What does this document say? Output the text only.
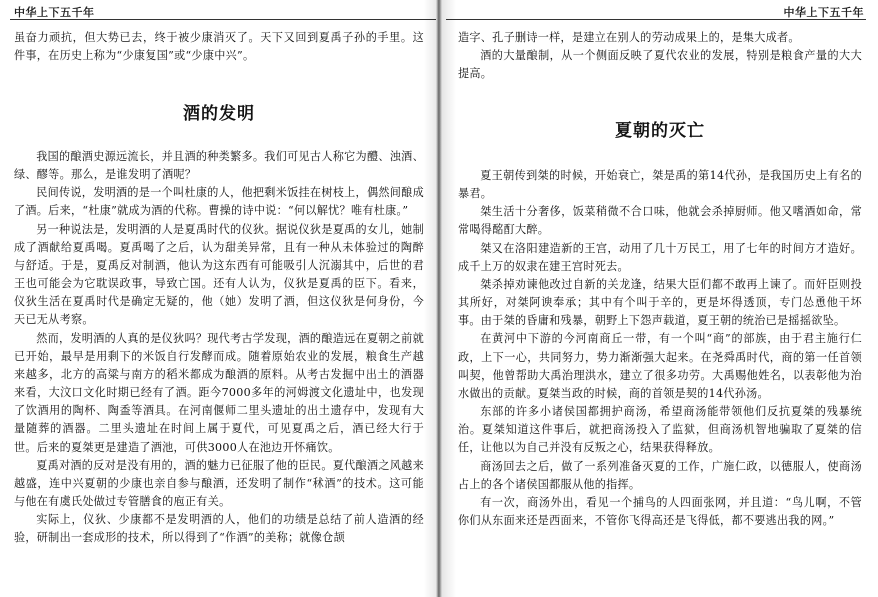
中华上下五千年

虽奋力顽抗，但大势已去，终于被少康消灭了。天下又回到夏禹子孙的手里。这件事，在历史上称为“少康复国”或“少康中兴”。

酒的发明

我国的酿酒史源远流长，并且酒的种类繁多。我们可见古人称它为醴、浊酒、绿、醪等。那么，是谁发明了酒呢？

民间传说，发明酒的是一个叫杜康的人，他把剩米饭挂在树枝上，偶然间酿成了酒。后来，“杜康”就成为酒的代称。曹操的诗中说：“何以解忧？唯有杜康。”

另一种说法是，发明酒的人是夏禹时代的仪狄。据说仪狄是夏禹的女儿，她制成了酒献给夏禹喝。夏禹喝了之后，认为甜美异常，且有一种从未体验过的陶醉与舒适。于是，夏禹反对制酒，他认为这东西有可能吸引人沉溺其中，后世的君王也可能会为它耽误政事，导致亡国。还有人认为，仪狄是夏禹的臣下。看来，仪狄生活在夏禹时代是确定无疑的，他（她）发明了酒，但这仪狄是何身份，今天已无从考察。

然而，发明酒的人真的是仪狄吗？现代考古学发现，酒的酿造远在夏朝之前就已开始，最早是用剩下的米饭自行发酵而成。随着原始农业的发展，粮食生产越来越多，北方的高粱与南方的稻米都成为酿酒的原料。从考古发掘中出土的酒器来看，大汶口文化时期已经有了酒。距今7000多年的河姆渡文化遗址中，也发现了饮酒用的陶杯、陶盉等酒具。在河南偃师二里头遗址的出土遗存中，发现有大量随葬的酒器。二里头遗址在时间上属于夏代，可见夏禹之后，酒已经大行于世。后来的夏桀更是建造了酒池，可供3000人在池边开怀痛饮。

夏禹对酒的反对是没有用的，酒的魅力已征服了他的臣民。夏代酿酒之风越来越盛，连中兴夏朝的少康也亲自参与酿酒，还发明了制作“秫酒”的技术。这可能与他在有虞氏处做过专管膳食的庖正有关。

实际上，仪狄、少康都不是发明酒的人，他们的功绩是总结了前人造酒的经验，研制出一套成形的技术，所以得到了“作酒”的美称；就像仓颉

中华上下五千年

造字、孔子删诗一样，是建立在别人的劳动成果上的，是集大成者。

酒的大量酿制，从一个侧面反映了夏代农业的发展，特别是粮食产量的大大提高。

夏朝的灭亡

夏王朝传到桀的时候，开始衰亡，桀是禹的第14代孙，是我国历史上有名的暴君。

桀生活十分奢侈，饭菜稍微不合口味，他就会杀掉厨师。他又嗜酒如命，常常喝得酩酊大醉。

桀又在洛阳建造新的王宫，动用了几十万民工，用了七年的时间方才造好。成千上万的奴隶在建王宫时死去。

桀杀掉劝谏他改过自新的关龙逢，结果大臣们都不敢再上谏了。而奸臣则投其所好，对桀阿谀奉承；其中有个叫于辛的，更是坏得透顶，专门怂恿他干坏事。由于桀的昏庸和残暴，朝野上下怨声载道，夏王朝的统治已是摇摇欲坠。

在黄河中下游的今河南商丘一带，有一个叫“商”的部族，由于君主施行仁政，上下一心，共同努力，势力渐渐强大起来。在尧舜禹时代，商的第一任首领叫契，他曾帮助大禹治理洪水，建立了很多功劳。大禹赐他姓名，以表彰他为治水做出的贡献。夏桀当政的时候，商的首领是契的14代孙汤。

东部的许多小诸侯国都拥护商汤，希望商汤能带领他们反抗夏桀的残暴统治。夏桀知道这件事后，就把商汤投入了监狱，但商汤机智地骗取了夏桀的信任，让他以为自己并没有反叛之心，结果获得释放。

商汤回去之后，做了一系列准备灭夏的工作，广施仁政，以德服人，使商汤占上的各个诸侯国都服从他的指挥。

有一次，商汤外出，看见一个捕鸟的人四面张网，并且道：“鸟儿啊，不管你们从东面来还是西面来，不管你飞得高还是飞得低，都不要逃出我的网。”
